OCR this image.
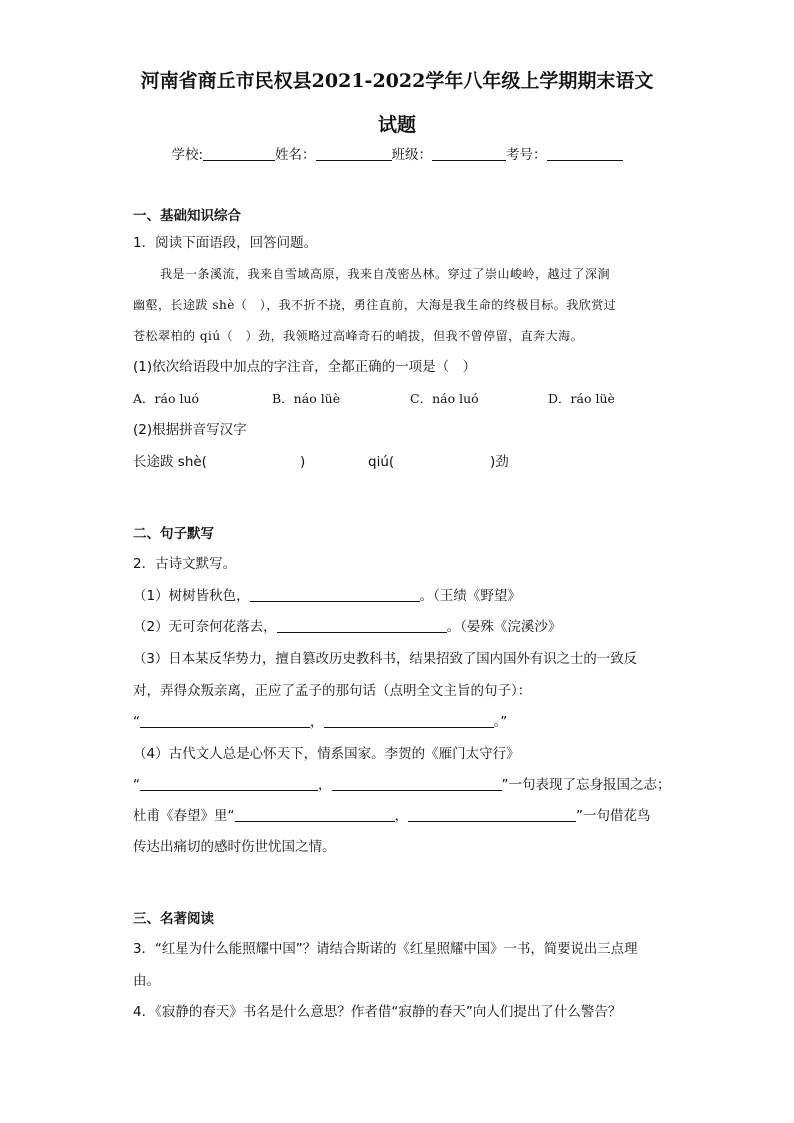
河南省商丘市民权县2021-2022学年八年级上学期期末语文
试题
学校:	姓名：	班级：	考号：
一、基础知识综合
1．阅读下面语段，回答问题。
我是一条溪流，我来自雪域高原，我来自茂密丛林。穿过了崇山峻岭，越过了深涧
幽壑，长途跋 shè（　），我不折不挠，勇往直前，大海是我生命的终极目标。我欣赏过
苍松翠柏的 qiú（　）劲，我领略过高峰奇石的峭拔，但我不曾停留，直奔大海。
(1)依次给语段中加点的字注音，全都正确的一项是（　）
A．ráo luó	B．náo lüè	C．náo luó	D．ráo lüè
(2)根据拼音写汉字
长途跋 shè(	)	qiú(	)劲
二、句子默写
2．古诗文默写。
（1）树树皆秋色，	。（王绩《野望》
（2）无可奈何花落去，	。（晏殊《浣溪沙》
（3）日本某反华势力，擅自篡改历史教科书，结果招致了国内国外有识之士的一致反
对，弄得众叛亲离，正应了孟子的那句话（点明全文主旨的句子）：
“	，	。”
（4）古代文人总是心怀天下，情系国家。李贺的《雁门太守行》
“	，	”一句表现了忘身报国之志；
杜甫《春望》里“	，	”一句借花鸟
传达出痛切的感时伤世忧国之情。
三、名著阅读
3．“红星为什么能照耀中国”？请结合斯诺的《红星照耀中国》一书，简要说出三点理
由。
4．《寂静的春天》书名是什么意思？作者借“寂静的春天”向人们提出了什么警告？
